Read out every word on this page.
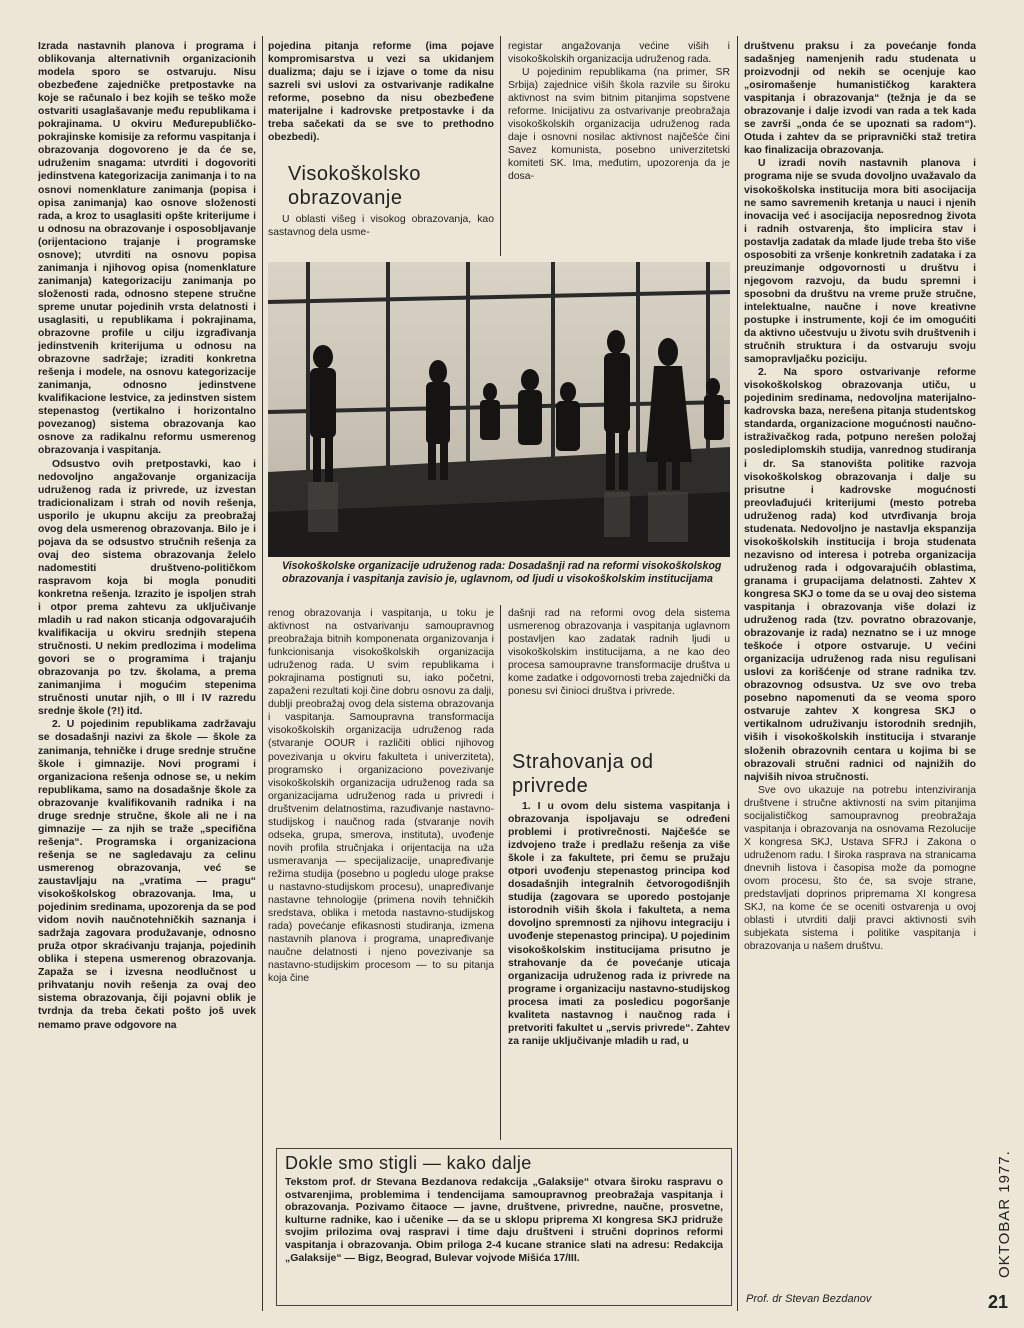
Izrada nastavnih planova i programa i oblikovanja alternativnih organizacionih modela sporo se ostvaruju. Nisu obezbeđene zajedničke pretpostavke na koje se računalo i bez kojih se teško može ostvariti usaglašavanje među republikama i pokrajinama. U okviru Međurepubličko-pokrajinske komisije za reformu vaspitanja i obrazovanja dogovoreno je da će se, udruženim snagama: utvrditi i dogovoriti jedinstvena kategorizacija zanimanja i to na osnovi nomenklature zanimanja (popisa i opisa zanimanja) kao osnove složenosti rada, a kroz to usaglasiti opšte kriterijume i u odnosu na obrazovanje i osposobljavanje (orijentaciono trajanje i programske osnove); utvrditi na osnovu popisa zanimanja i njihovog opisa (nomenklature zanimanja) kategorizaciju zanimanja po složenosti rada, odnosno stepene stručne spreme unutar pojedinih vrsta delatnosti i usaglasiti, u republikama i pokrajinama, obrazovne profile u cilju izgrađivanja jedinstvenih kriterijuma u odnosu na obrazovne sadržaje; izraditi konkretna rešenja i modele, na osnovu kategorizacije zanimanja, odnosno jedinstvene kvalifikacione lestvice, za jedinstven sistem stepenastog (vertikalno i horizontalno povezanog) sistema obrazovanja kao osnove za radikalnu reformu usmerenog obrazovanja i vaspitanja.

Odsustvo ovih pretpostavki, kao i nedovoljno angažovanje organizacija udruženog rada iz privrede, uz izvestan tradicionalizam i strah od novih rešenja, usporilo je ukupnu akciju za preobražaj ovog dela usmerenog obrazovanja. Bilo je i pojava da se odsustvo stručnih rešenja za ovaj deo sistema obrazovanja želelo nadomestiti društveno-političkom raspravom koja bi mogla ponuditi konkretna rešenja. Izrazito je ispoljen strah i otpor prema zahtevu za uključivanje mladih u rad nakon sticanja odgovarajućih kvalifikacija u okviru srednjih stepena stručnosti. U nekim predlozima i modelima govori se o programima i trajanju obrazovanja po tzv. školama, a prema zanimanjima i mogućim stepenima stručnosti unutar njih, o III i IV razredu srednje škole (?!) itd.

2. U pojedinim republikama zadržavaju se dosadašnji nazivi za škole — škole za zanimanja, tehničke i druge srednje stručne škole i gimnazije. Novi programi i organizaciona rešenja odnose se, u nekim republikama, samo na dosadašnje škole za obrazovanje kvalifikovanih radnika i na druge srednje stručne, škole ali ne i na gimnazije — za njih se traže „specifična rešenja“. Programska i organizaciona rešenja se ne sagledavaju za celinu usmerenog obrazovanja, već se zaustavljaju na „vratima — pragu“ visokoškolskog obrazovanja. Ima, u pojedinim sredinama, upozorenja da se pod vidom novih naučnotehničkih saznanja i sadržaja zagovara produžavanje, odnosno pruža otpor skraćivanju trajanja, pojedinih oblika i stepena usmerenog obrazovanja. Zapaža se i izvesna neodlučnost u prihvatanju novih rešenja za ovaj deo sistema obrazovanja, čiji pojavni oblik je tvrdnja da treba čekati pošto još uvek nemamo prave odgovore na

pojedina pitanja reforme (ima pojave kompromisarstva u vezi sa ukidanjem dualizma; daju se i izjave o tome da nisu sazreli svi uslovi za ostvarivanje radikalne reforme, posebno da nisu obezbeđene materijalne i kadrovske pretpostavke i da treba sačekati da se sve to prethodno obezbedi).

Visokoškolsko obrazovanje

U oblasti višeg i visokog obrazovanja, kao sastavnog dela usme-

registar angažovanja većine viših i visokoškolskih organizacija udruženog rada.

U pojedinim republikama (na primer, SR Srbija) zajednice viših škola razvile su široku aktivnost na svim bitnim pitanjima sopstvene reforme. Inicijativu za ostvarivanje preobražaja visokoškolskih organizacija udruženog rada daje i osnovni nosilac aktivnost najčešće čini Savez komunista, posebno univerzitetski komiteti SK. Ima, međutim, upozorenja da je dosa-

Visokoškolske organizacije udruženog rada: Dosadašnji rad na reformi visokoškolskog obrazovanja i vaspitanja zavisio je, uglavnom, od ljudi u visokoškolskim institucijama

renog obrazovanja i vaspitanja, u toku je aktivnost na ostvarivanju samoupravnog preobražaja bitnih komponenata organizovanja i funkcionisanja visokoškolskih organizacija udruženog rada. U svim republikama i pokrajinama postignuti su, iako početni, zapaženi rezultati koji čine dobru osnovu za dalji, dublji preobražaj ovog dela sistema obrazovanja i vaspitanja. Samoupravna transformacija visokoškolskih organizacija udruženog rada (stvaranje OOUR i različiti oblici njihovog povezivanja u okviru fakulteta i univerziteta), programsko i organizaciono povezivanje visokoškolskih organizacija udruženog rada sa organizacijama udruženog rada u privredi i društvenim delatnostima, razuđivanje nastavno-studijskog i naučnog rada (stvaranje novih odseka, grupa, smerova, instituta), uvođenje novih profila stručnjaka i orijentacija na uža usmeravanja — specijalizacije, unapređivanje režima studija (posebno u pogledu uloge prakse u nastavno-studijskom procesu), unapređivanje nastavne tehnologije (primena novih tehničkih sredstava, oblika i metoda nastavno-studijskog rada) povećanje efikasnosti studiranja, izmena nastavnih planova i programa, unapređivanje naučne delatnosti i njeno povezivanje sa nastavno-studijskim procesom — to su pitanja koja čine

dašnji rad na reformi ovog dela sistema usmerenog obrazovanja i vaspitanja uglavnom postavljen kao zadatak radnih ljudi u visokoškolskim institucijama, a ne kao deo procesa samoupravne transformacije društva u kome zadatke i odgovornosti treba zajednički da ponesu svi činioci društva i privrede.

Strahovanja od privrede

1. I u ovom delu sistema vaspitanja i obrazovanja ispoljavaju se određeni problemi i protivrečnosti. Najčešće se izdvojeno traže i predlažu rešenja za više škole i za fakultete, pri čemu se pružaju otpori uvođenju stepenastog principa kod dosadašnjih integralnih četvorogodišnjih studija (zagovara se uporedo postojanje istorodnih viših škola i fakulteta, a nema dovoljno spremnosti za njihovu integraciju i uvođenje stepenastog principa). U pojedinim visokoškolskim institucijama prisutno je strahovanje da će povećanje uticaja organizacija udruženog rada iz privrede na programe i organizaciju nastavno-studijskog procesa imati za posledicu pogoršanje kvaliteta nastavnog i naučnog rada i pretvoriti fakultet u „servis privrede“. Zahtev za ranije uključivanje mladih u rad, u

društvenu praksu i za povećanje fonda sadašnjeg namenjenih radu studenata u proizvodnji od nekih se ocenjuje kao „osiromašenje humanističkog karaktera vaspitanja i obrazovanja“ (težnja je da se obrazovanje i dalje izvodi van rada a tek kada se završi „onda će se upoznati sa radom“). Otuda i zahtev da se pripravnički staž tretira kao finalizacija obrazovanja.

U izradi novih nastavnih planova i programa nije se svuda dovoljno uvažavalo da visokoškolska institucija mora biti asocijacija ne samo savremenih kretanja u nauci i njenih inovacija već i asocijacija neposrednog života i radnih ostvarenja, što implicira stav i postavlja zadatak da mlade ljude treba što više osposobiti za vršenje konkretnih zadataka i za preuzimanje odgovornosti u društvu i njegovom razvoju, da budu spremni i sposobni da društvu na vreme pruže stručne, intelektualne, naučne i nove kreativne postupke i instrumente, koji će im omogućiti da aktivno učestvuju u životu svih društvenih i stručnih struktura i da ostvaruju svoju samopravljačku poziciju.

2. Na sporo ostvarivanje reforme visokoškolskog obrazovanja utiču, u pojedinim sredinama, nedovoljna materijalno-kadrovska baza, nerešena pitanja studentskog standarda, organizacione mogućnosti naučno-istraživačkog rada, potpuno nerešen položaj poslediplomskih studija, vanrednog studiranja i dr. Sa stanovišta politike razvoja visokoškolskog obrazovanja i dalje su prisutne i kadrovske mogućnosti preovlađujući kriterijumi (mesto potreba udruženog rada) kod utvrđivanja broja studenata. Nedovoljno je nastavlja ekspanzija visokoškolskih institucija i broja studenata nezavisno od interesa i potreba organizacija udruženog rada i odgovarajućih oblastima, granama i grupacijama delatnosti. Zahtev X kongresa SKJ o tome da se u ovaj deo sistema vaspitanja i obrazovanja više dolazi iz udruženog rada (tzv. povratno obrazovanje, obrazovanje iz rada) neznatno se i uz mnoge teškoće i otpore ostvaruje. U većini organizacija udruženog rada nisu regulisani uslovi za korišćenje od strane radnika tzv. obrazovnog odsustva. Uz sve ovo treba posebno napomenuti da se veoma sporo ostvaruje zahtev X kongresa SKJ o vertikalnom udruživanju istorodnih srednjih, viših i visokoškolskih institucija i stvaranje složenih obrazovnih centara u kojima bi se obrazovali stručni radnici od najnižih do najviših nivoa stručnosti.

Sve ovo ukazuje na potrebu intenziviranja društvene i stručne aktivnosti na svim pitanjima socijalističkog samoupravnog preobražaja vaspitanja i obrazovanja na osnovama Rezolucije X kongresa SKJ, Ustava SFRJ i Zakona o udruženom radu. I široka rasprava na stranicama dnevnih listova i časopisa može da pomogne ovom procesu, što će, sa svoje strane, predstavljati doprinos pripremama XI kongresa SKJ, na kome će se oceniti ostvarenja u ovoj oblasti i utvrditi dalji pravci aktivnosti svih subjekata sistema i politike vaspitanja i obrazovanja u našem društvu.

Prof. dr Stevan Bezdanov
Dokle smo stigli — kako dalje
Tekstom prof. dr Stevana Bezdanova redakcija „Galaksije“ otvara široku raspravu o ostvarenjima, problemima i tendencijama samoupravnog preobražaja vaspitanja i obrazovanja. Pozivamo čitaoce — javne, društvene, privredne, naučne, prosvetne, kulturne radnike, kao i učenike — da se u sklopu priprema XI kongresa SKJ pridruže svojim prilozima ovaj raspravi i time daju društveni i stručni doprinos reformi vaspitanja i obrazovanja. Obim priloga 2-4 kucane stranice slati na adresu: Redakcija „Galaksije“ — Bigz, Beograd, Bulevar vojvode Mišića 17/III.	OKTOBAR 1977.
21
